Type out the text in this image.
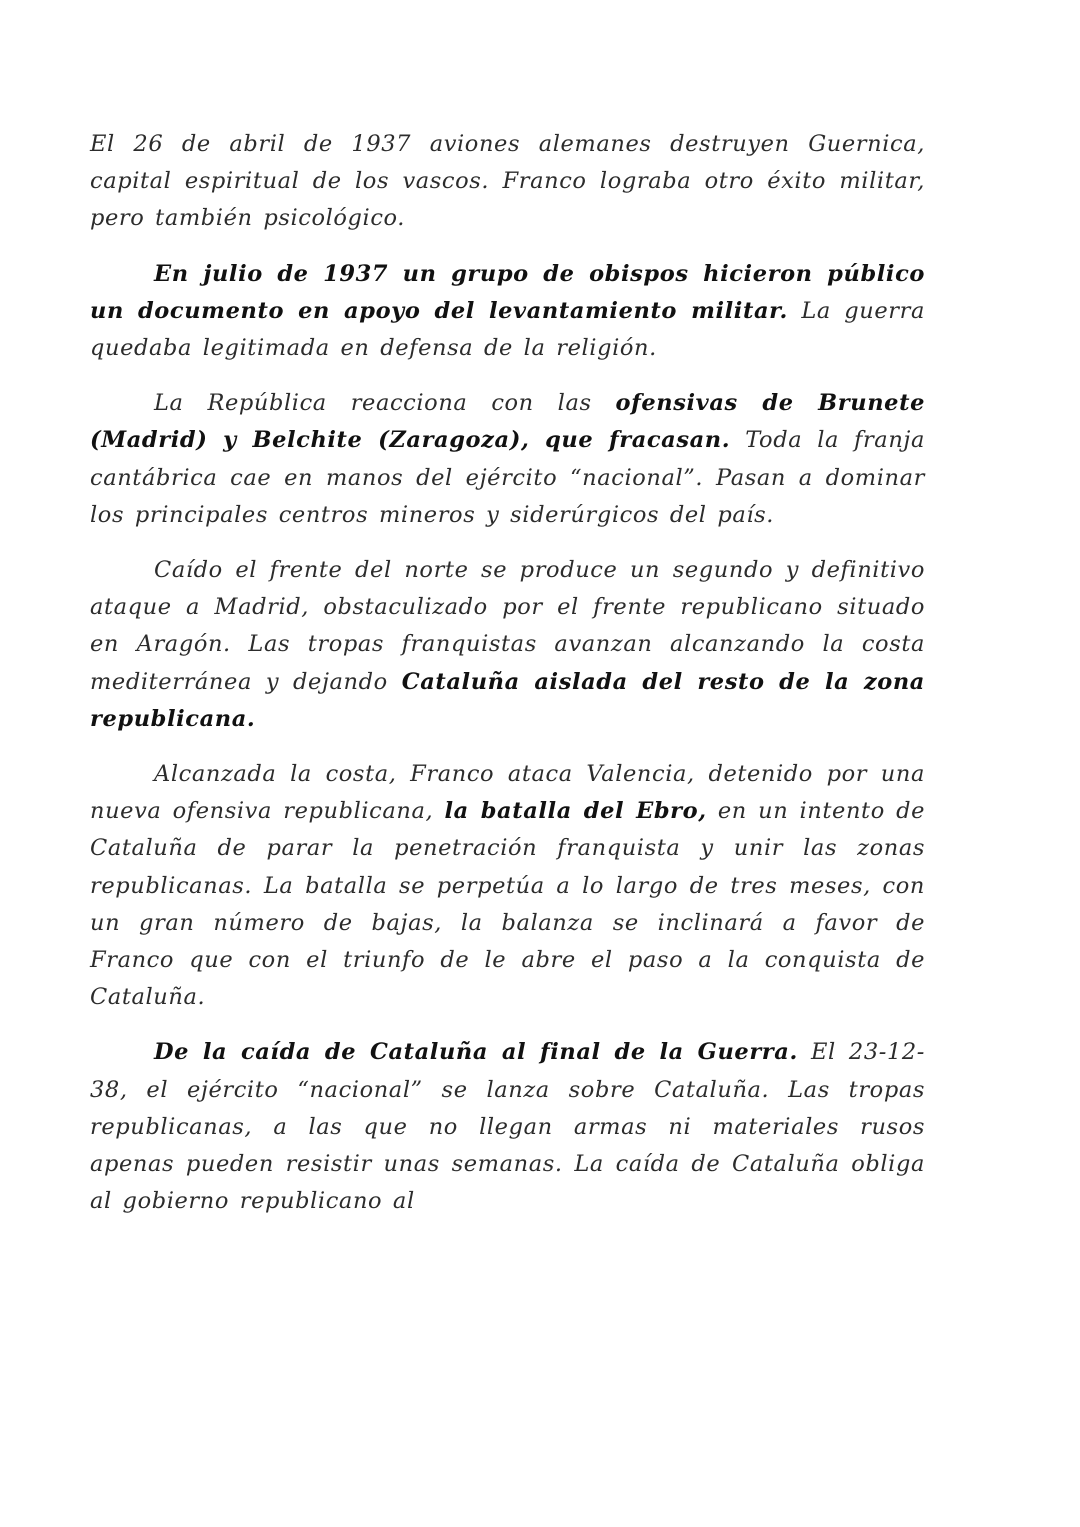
El 26 de abril de 1937 aviones alemanes destruyen Guernica, capital espiritual de los vascos. Franco lograba otro éxito militar, pero también psicológico.

En julio de 1937 un grupo de obispos hicieron público un documento en apoyo del levantamiento militar. La guerra quedaba legitimada en defensa de la religión.

La República reacciona con las ofensivas de Brunete (Madrid) y Belchite (Zaragoza), que fracasan. Toda la franja cantábrica cae en manos del ejército “nacional”. Pasan a dominar los principales centros mineros y siderúrgicos del país.

Caído el frente del norte se produce un segundo y definitivo ataque a Madrid, obstaculizado por el frente republicano situado en Aragón. Las tropas franquistas avanzan alcanzando la costa mediterránea y dejando Cataluña aislada del resto de la zona republicana.

Alcanzada la costa, Franco ataca Valencia, detenido por una nueva ofensiva republicana, la batalla del Ebro, en un intento de Cataluña de parar la penetración franquista y unir las zonas republicanas. La batalla se perpetúa a lo largo de tres meses, con un gran número de bajas, la balanza se inclinará a favor de Franco que con el triunfo de le abre el paso a la conquista de Cataluña.

De la caída de Cataluña al final de la Guerra. El 23-12-38, el ejército “nacional” se lanza sobre Cataluña. Las tropas republicanas, a las que no llegan armas ni materiales rusos apenas pueden resistir unas semanas. La caída de Cataluña obliga al gobierno republicano al
